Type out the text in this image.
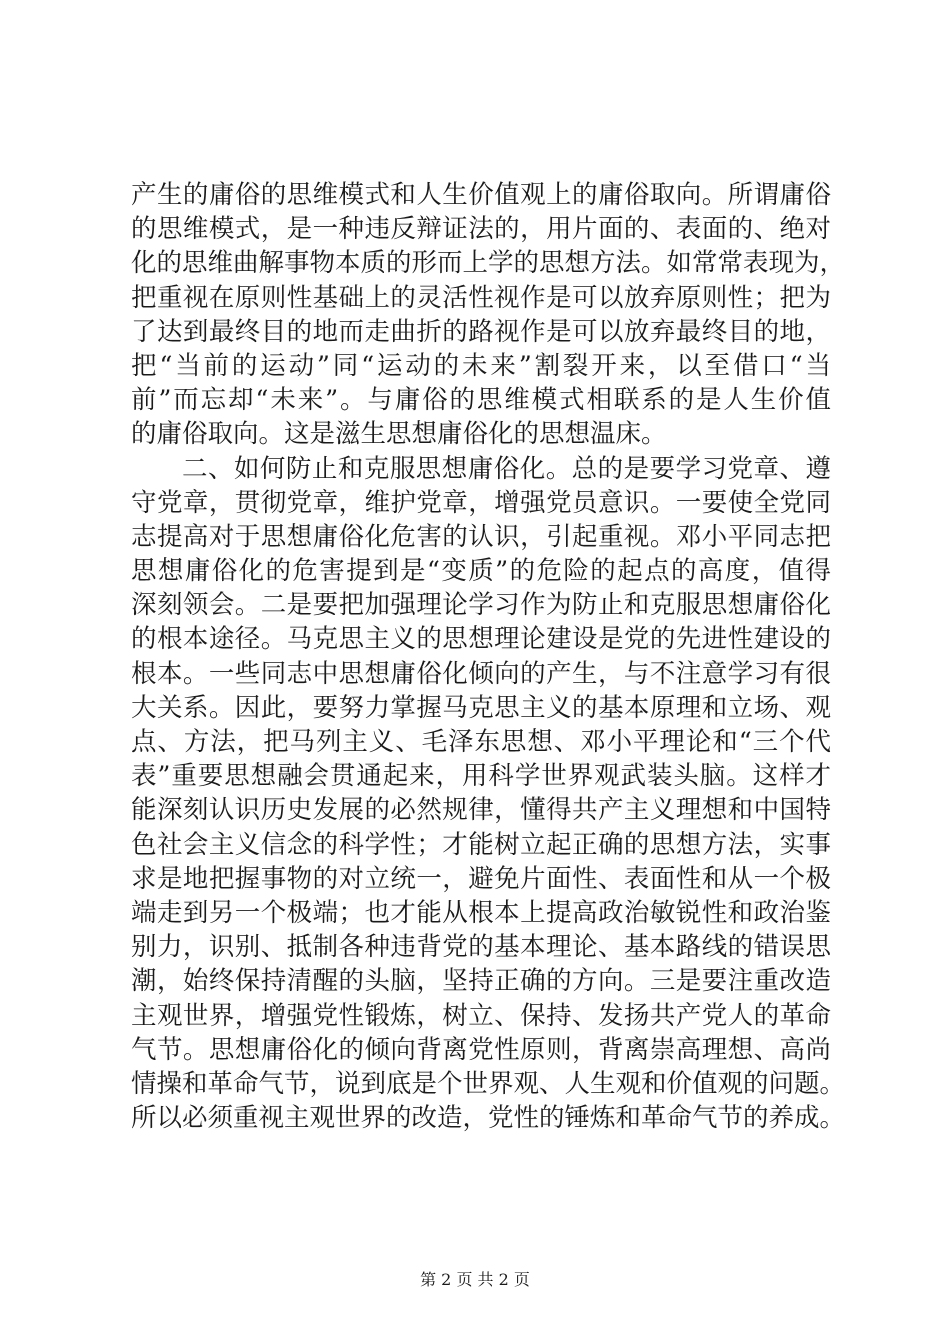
产生的庸俗的思维模式和人生价值观上的庸俗取向。所谓庸俗
的思维模式，是一种违反辩证法的，用片面的、表面的、绝对
化的思维曲解事物本质的形而上学的思想方法。如常常表现为，
把重视在原则性基础上的灵活性视作是可以放弃原则性；把为
了达到最终目的地而走曲折的路视作是可以放弃最终目的地，
把“当前的运动”同“运动的未来”割裂开来，以至借口“当
前”而忘却“未来”。与庸俗的思维模式相联系的是人生价值
的庸俗取向。这是滋生思想庸俗化的思想温床。
二、如何防止和克服思想庸俗化。总的是要学习党章、遵
守党章，贯彻党章，维护党章，增强党员意识。一要使全党同
志提高对于思想庸俗化危害的认识，引起重视。邓小平同志把
思想庸俗化的危害提到是“变质”的危险的起点的高度，值得
深刻领会。二是要把加强理论学习作为防止和克服思想庸俗化
的根本途径。马克思主义的思想理论建设是党的先进性建设的
根本。一些同志中思想庸俗化倾向的产生，与不注意学习有很
大关系。因此，要努力掌握马克思主义的基本原理和立场、观
点、方法，把马列主义、毛泽东思想、邓小平理论和“三个代
表”重要思想融会贯通起来，用科学世界观武装头脑。这样才
能深刻认识历史发展的必然规律，懂得共产主义理想和中国特
色社会主义信念的科学性；才能树立起正确的思想方法，实事
求是地把握事物的对立统一，避免片面性、表面性和从一个极
端走到另一个极端；也才能从根本上提高政治敏锐性和政治鉴
别力，识别、抵制各种违背党的基本理论、基本路线的错误思
潮，始终保持清醒的头脑，坚持正确的方向。三是要注重改造
主观世界，增强党性锻炼，树立、保持、发扬共产党人的革命
气节。思想庸俗化的倾向背离党性原则，背离崇高理想、高尚
情操和革命气节，说到底是个世界观、人生观和价值观的问题。
所以必须重视主观世界的改造，党性的锤炼和革命气节的养成。
第 2 页 共 2 页
